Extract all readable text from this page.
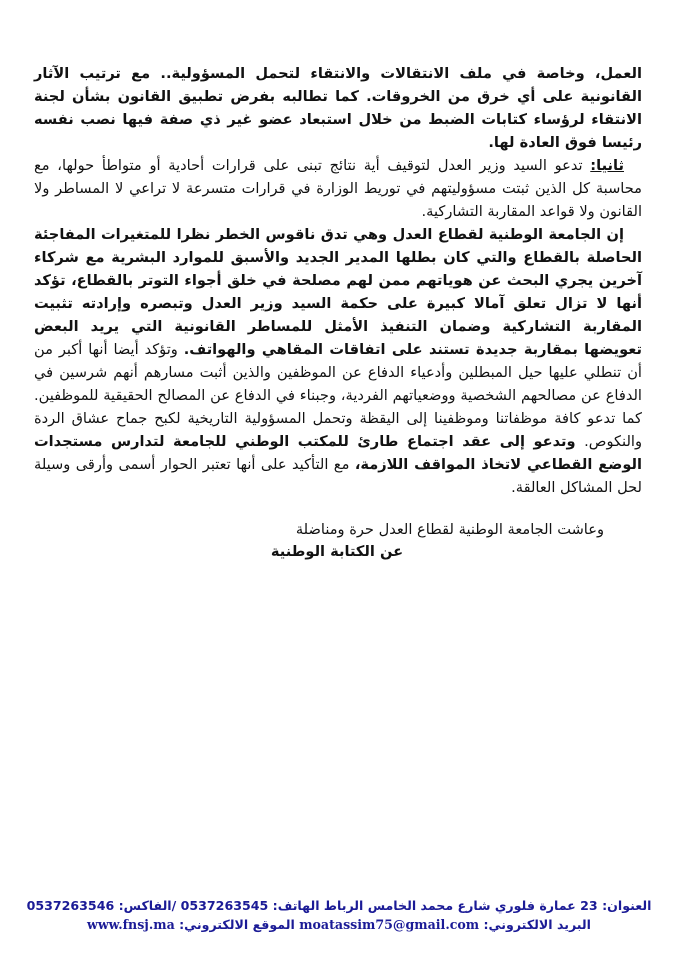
العمل، وخاصة في ملف الانتقالات والانتقاء لتحمل المسؤولية.. مع ترتيب الآثار القانونية على أي خرق من الخروقات. كما تطالبه بفرض تطبيق القانون بشأن لجنة الانتقاء لرؤساء كتابات الضبط من خلال استبعاد عضو غير ذي صفة فيها نصب نفسه رئيسا فوق العادة لها.

ثانيا: تدعو السيد وزير العدل لتوقيف أية نتائج تبنى على قرارات أحادية أو متواطأ حولها، مع محاسبة كل الذين ثبتت مسؤوليتهم في توريط الوزارة في قرارات متسرعة لا تراعي لا المساطر ولا القانون ولا قواعد المقاربة التشاركية.

إن الجامعة الوطنية لقطاع العدل وهي تدق ناقوس الخطر نظرا للمتغيرات المفاجئة الحاصلة بالقطاع والتي كان بطلها المدير الجديد والأسبق للموارد البشرية مع شركاء آخرين يجري البحث عن هوياتهم ممن لهم مصلحة في خلق أجواء التوتر بالقطاع، تؤكد أنها لا تزال تعلق آمالا كبيرة على حكمة السيد وزير العدل وتبصره وإرادته تثبيت المقاربة التشاركية وضمان التنفيذ الأمثل للمساطر القانونية التي يريد البعض تعويضها بمقاربة جديدة تستند على اتفاقات المقاهي والهواتف. وتؤكد أيضا أنها أكبر من أن تنطلي عليها حيل المبطلين وأدعياء الدفاع عن الموظفين والذين أثبت مسارهم أنهم شرسين في الدفاع عن مصالحهم الشخصية ووضعياتهم الفردية، وجبناء في الدفاع عن المصالح الحقيقية للموظفين. كما تدعو كافة موظفاتنا وموظفينا إلى اليقظة وتحمل المسؤولية التاريخية لكبح جماح عشاق الردة والنكوص. وتدعو إلى عقد اجتماع طارئ للمكتب الوطني للجامعة لتدارس مستجدات الوضع القطاعي لاتخاذ المواقف اللازمة، مع التأكيد على أنها تعتبر الحوار أسمى وأرقى وسيلة لحل المشاكل العالقة.

وعاشت الجامعة الوطنية لقطاع العدل حرة ومناضلة
عن الكتابة الوطنية
العنوان: 23 عمارة فلوري شارع محمد الخامس الرباط الهاتف: 0537263545 /الفاكس: 0537263546
البريد الالكتروني: moatassim75@gmail.com الموقع الالكتروني: www.fnsj.ma
